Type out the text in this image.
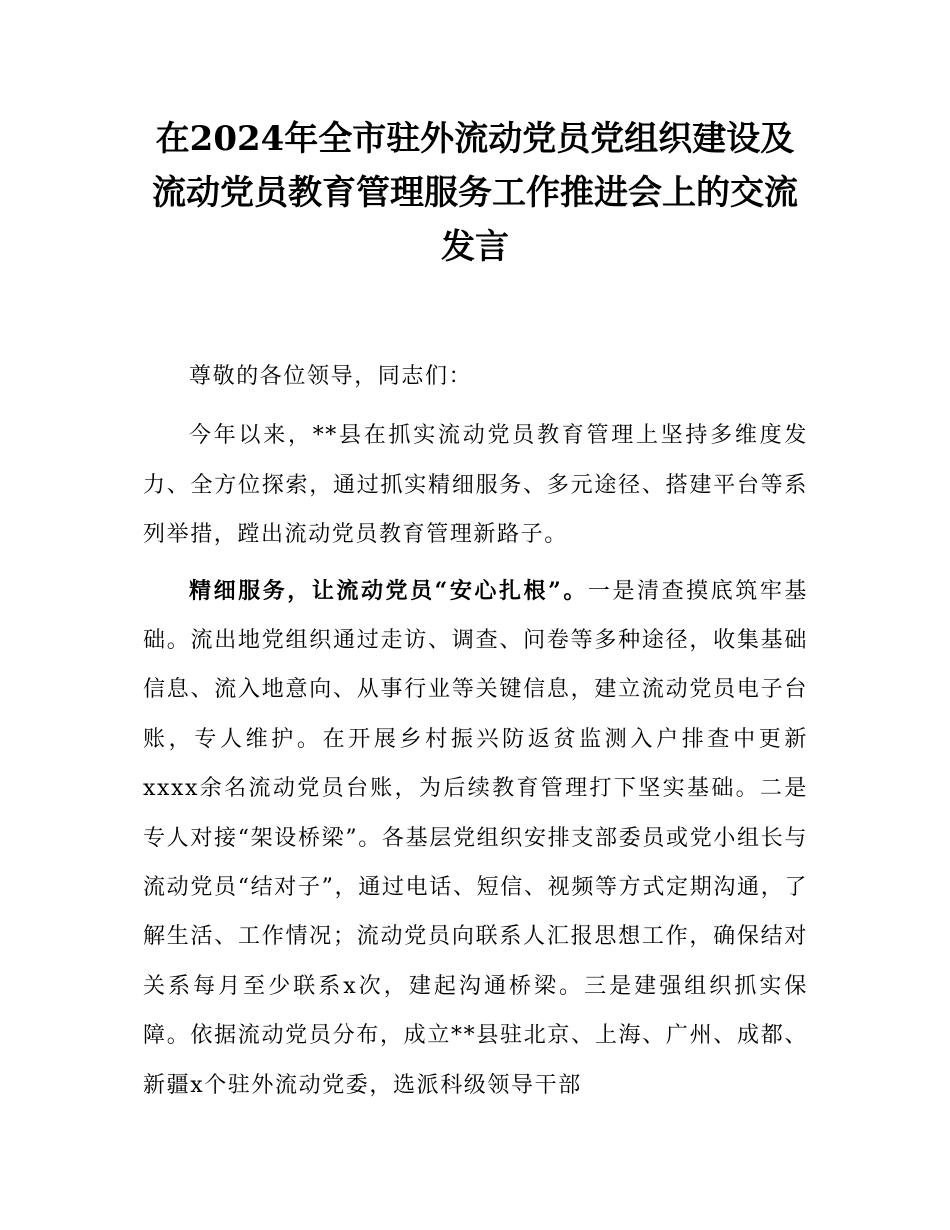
在2024年全市驻外流动党员党组织建设及流动党员教育管理服务工作推进会上的交流发言

尊敬的各位领导，同志们：

今年以来，**县在抓实流动党员教育管理上坚持多维度发力、全方位探索，通过抓实精细服务、多元途径、搭建平台等系列举措，蹚出流动党员教育管理新路子。

精细服务，让流动党员“安心扎根”。一是清查摸底筑牢基础。流出地党组织通过走访、调查、问卷等多种途径，收集基础信息、流入地意向、从事行业等关键信息，建立流动党员电子台账，专人维护。在开展乡村振兴防返贫监测入户排查中更新xxxx余名流动党员台账，为后续教育管理打下坚实基础。二是专人对接“架设桥梁”。各基层党组织安排支部委员或党小组长与流动党员“结对子”，通过电话、短信、视频等方式定期沟通，了解生活、工作情况；流动党员向联系人汇报思想工作，确保结对关系每月至少联系x次，建起沟通桥梁。三是建强组织抓实保障。依据流动党员分布，成立**县驻北京、上海、广州、成都、新疆x个驻外流动党委，选派科级领导干部
